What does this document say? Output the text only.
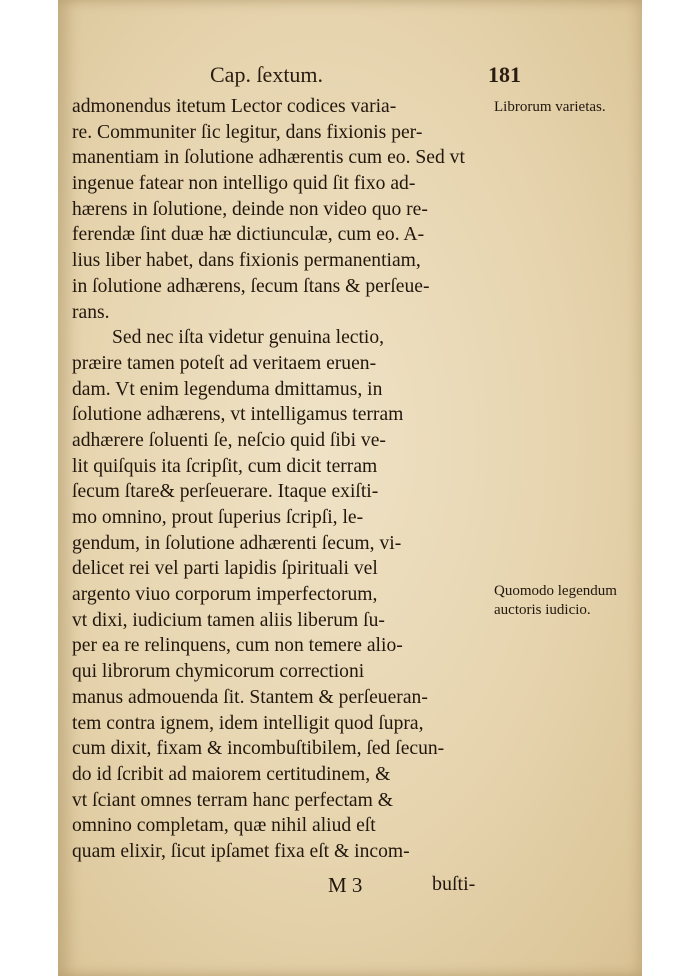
Cap. ſextum.	181
admonendus itetum Lector codices varia-
re. Communiter ſic legitur, dans fixionis per-
manentiam in ſolutione adhærentis cum eo. Sed vt
ingenue fatear non intelligo quid ſit fixo ad-
hærens in ſolutione, deinde non video quo re-
ferendæ ſint duæ hæ dictiunculæ, cum eo. A-
lius liber habet, dans fixionis permanentiam,
in ſolutione adhærens, ſecum ſtans & perſeue-
rans.
Sed nec iſta videtur genuina lectio,
præire tamen poteſt ad veritaem eruen-
dam. Vt enim legenduma dmittamus, in
ſolutione adhærens, vt intelligamus terram
adhærere ſoluenti ſe, neſcio quid ſibi ve-
lit quiſquis ita ſcripſit, cum dicit terram
ſecum ſtare& perſeuerare. Itaque exiſti-
mo omnino, prout ſuperius ſcripſi, le-
gendum, in ſolutione adhærenti ſecum, vi-
delicet rei vel parti lapidis ſpirituali vel
argento viuo corporum imperfectorum,
vt dixi, iudicium tamen aliis liberum ſu-
per ea re relinquens, cum non temere alio-
qui librorum chymicorum correctioni
manus admouenda ſit. Stantem & perſeueran-
tem contra ignem, idem intelligit quod ſupra,
cum dixit, fixam & incombuſtibilem, ſed ſecun-
do id ſcribit ad maiorem certitudinem, &
vt ſciant omnes terram hanc perfectam &
omnino completam, quæ nihil aliud eſt
quam elixir, ſicut ipſamet fixa eſt & incom-
Librorum varietas.
Quomodo legendum auctoris iudicio.
M 3	buſti-
